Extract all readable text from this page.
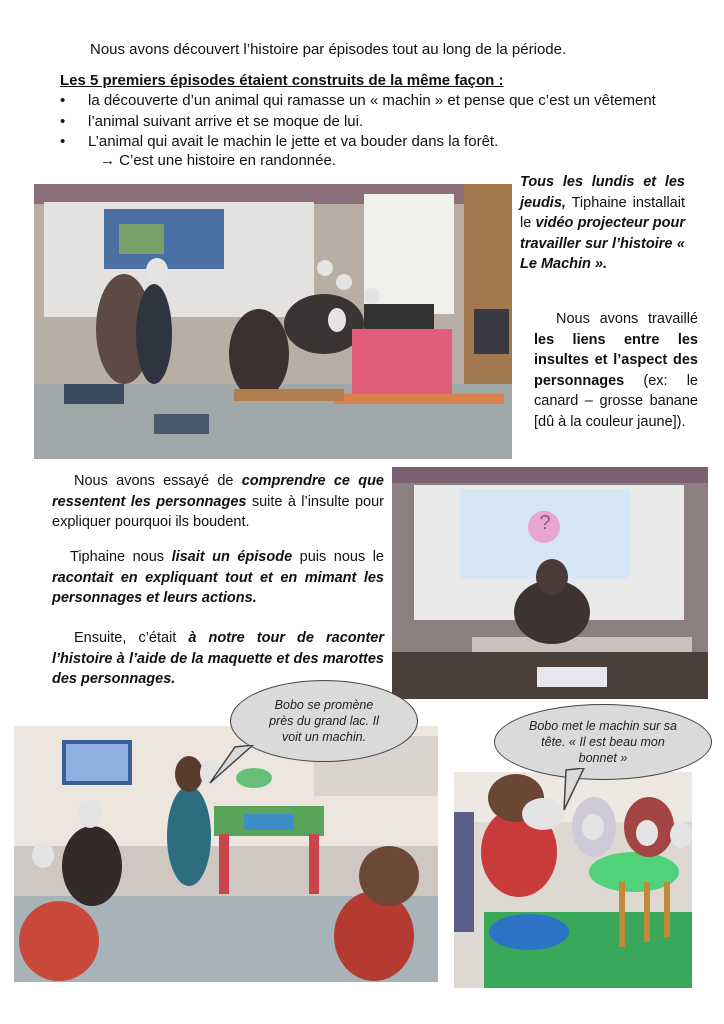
Nous avons découvert l’histoire par épisodes tout au long de la période.
Les 5 premiers épisodes étaient construits de la même façon :
• la découverte d’un animal qui ramasse un « machin » et pense que c’est un vêtement
• l’animal suivant arrive et se moque de lui.
• L’animal qui avait le machin le jette et va bouder dans la forêt.
→ C’est une histoire en randonnée.
Tous les lundis et les jeudis, Tiphaine installait le vidéo projecteur pour travailler sur l’histoire « Le Machin ».
Nous avons travaillé les liens entre les insultes et l’aspect des personnages (ex: le canard – grosse banane [dû à la couleur jaune]).
Nous avons essayé de comprendre ce que ressentent les personnages suite à l’insulte pour expliquer pourquoi ils boudent.
Tiphaine nous lisait un épisode puis nous le racontait en expliquant tout et en mimant les personnages et leurs actions.
Ensuite, c’était à notre tour de raconter l’histoire à l’aide de la maquette et des marottes des personnages.
?
Bobo se promène près du grand lac. Il voit un machin.
Bobo met le machin sur sa tête. « Il est beau mon bonnet »
